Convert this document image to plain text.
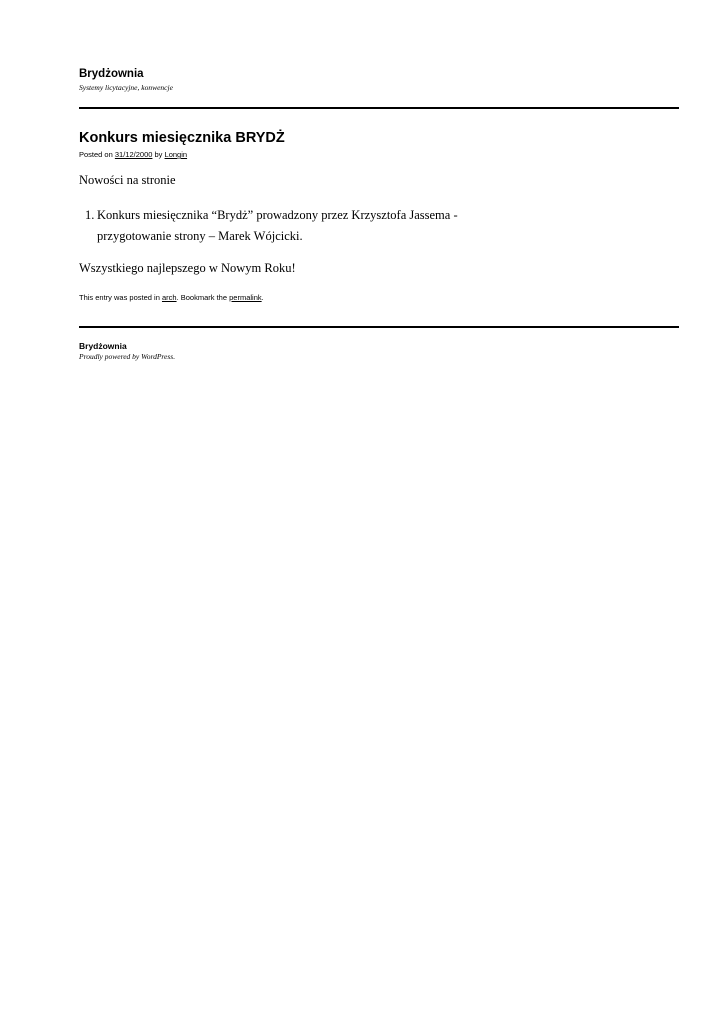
Brydżownia
Systemy licytacyjne, konwencje
Konkurs miesięcznika BRYDŻ
Posted on 31/12/2000 by Longin
Nowości na stronie
1. Konkurs miesięcznika “Brydż” prowadzony przez Krzysztofa Jassema -
przygotowanie strony – Marek Wójcicki.
Wszystkiego najlepszego w Nowym Roku!
This entry was posted in arch. Bookmark the permalink.
Brydżownia
Proudly powered by WordPress.
